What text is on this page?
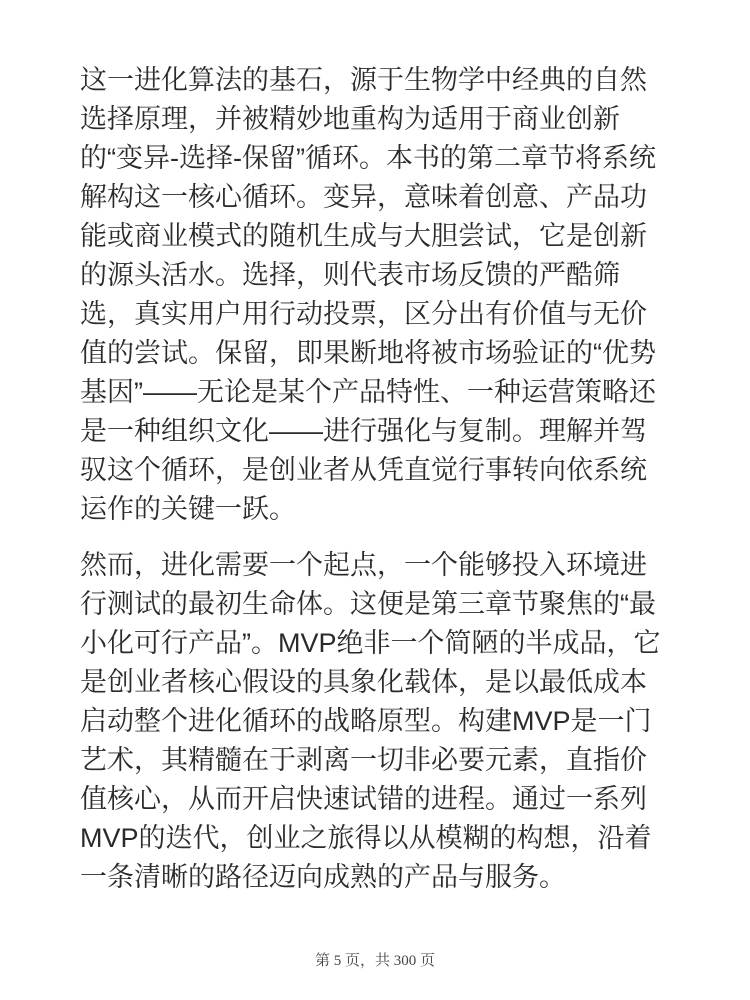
这一进化算法的基石，源于生物学中经典的自然选择原理，并被精妙地重构为适用于商业创新的“变异-选择-保留”循环。本书的第二章节将系统解构这一核心循环。变异，意味着创意、产品功能或商业模式的随机生成与大胆尝试，它是创新的源头活水。选择，则代表市场反馈的严酷筛选，真实用户用行动投票，区分出有价值与无价值的尝试。保留，即果断地将被市场验证的“优势基因”——无论是某个产品特性、一种运营策略还是一种组织文化——进行强化与复制。理解并驾驭这个循环，是创业者从凭直觉行事转向依系统运作的关键一跃。

然而，进化需要一个起点，一个能够投入环境进行测试的最初生命体。这便是第三章节聚焦的“最小化可行产品”。MVP绝非一个简陋的半成品，它是创业者核心假设的具象化载体，是以最低成本启动整个进化循环的战略原型。构建MVP是一门艺术，其精髓在于剥离一切非必要元素，直指价值核心，从而开启快速试错的进程。通过一系列MVP的迭代，创业之旅得以从模糊的构想，沿着一条清晰的路径迈向成熟的产品与服务。

第 5 页，共 300 页
